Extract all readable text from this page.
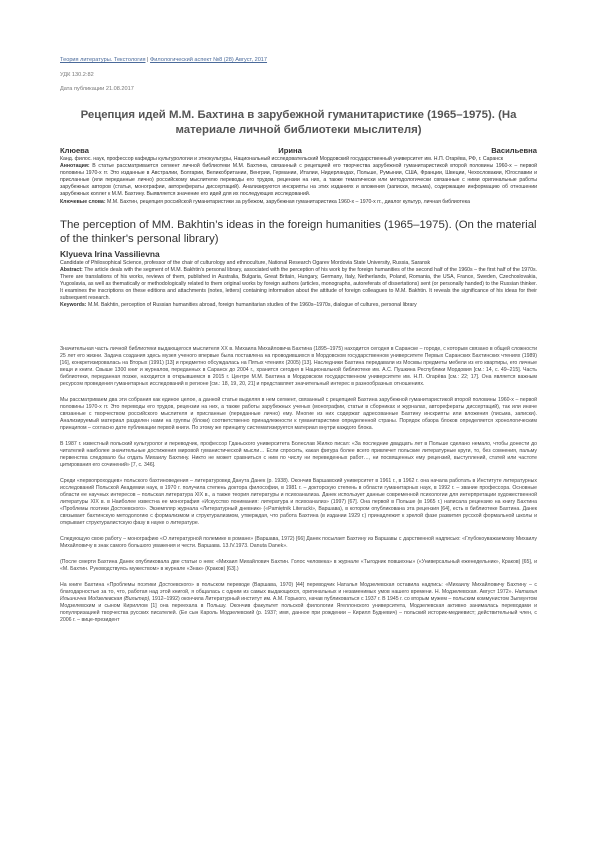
Теория литературы. Текстология | Филологический аспект №8 (28) Август, 2017
УДК 130.2:82
Дата публикации 21.08.2017
Рецепция идей М.М. Бахтина в зарубежной гуманитаристике (1965–1975). (На материале личной библиотеки мыслителя)
Клюева	Ирина	Васильевна
Канд. филос. наук, профессор кафедры культурологии и этнокультуры, Национальный исследовательский Мордовский государственный университет им. Н.П. Огарёва, РФ, г. Саранск
Аннотация: В статье рассматривается сегмент личной библиотеки М.М. Бахтина, связанный с рецепцией его творчества зарубежной гуманитаристикой второй половины 1960-х – первой половины 1970-х гг. Это изданные в Австралии, Болгарии, Великобритании, Венгрии, Германии, Италии, Нидерландах, Польше, Румынии, США, Франции, Швеции, Чехословакии, Югославии и присланные (или переданные лично) российскому мыслителю переводы его трудов, рецензии на них, а также тематически или методологически связанные с ними оригинальные работы зарубежных авторов (статьи, монографии, авторефераты диссертаций). Анализируются инскрипты на этих изданиях и вложения (записки, письма), содержащие информацию об отношении зарубежных коллег к М.М. Бахтину. Выявляется значение его идей для их последующих исследований.
Ключевые слова: М.М. Бахтин, рецепция российской гуманитаристики за рубежом, зарубежная гуманитаристика 1960-х – 1970-х гг., диалог культур, личная библиотека
The perception of MM. Bakhtin’s ideas in the foreign humanities (1965–1975). (On the material of the thinker's personal library)
Klyueva Irina Vassilievna
Candidate of Philosophical Science, professor of the chair of culturology and ethnoculture, National Research Ogarev Mordovia State University, Russia, Saransk
Abstract: The article deals with the segment of M.M. Bakhtin's personal library, associated with the perception of his work by the foreign humanities of the second half of the 1960s – the first half of the 1970s. There are translations of his works, reviews of them, published in Australia, Bulgaria, Great Britain, Hungary, Germany, Italy, Netherlands, Poland, Romania, the USA, France, Sweden, Czechoslovakia, Yugoslavia, as well as thematically or methodologically related to them original works by foreign authors (articles, monographs, autoreferats of dissertations) sent (or personally handed) to the Russian thinker. It examines the inscriptions on these editions and attachments (notes, letters) containing information about the attitude of foreign colleagues to M.M. Bakhtin. It reveals the significance of his ideas for their subsequent research.
Keywords: M.M. Bakhtin, perception of Russian humanities abroad, foreign humanitarian studies of the 1960s–1970s, dialogue of cultures, personal library

Значительная часть личной библиотеки выдающегося мыслителя ХХ в. Михаила Михайловича Бахтина (1895–1975) находится сегодня в Саранске – городе, с которым связано в общей сложности 25 лет его жизни. Задача создания здесь музея ученого впервые была поставлена на проводившихся в Мордовском государственном университете Первых Саранских Бахтинских чтениях (1989) [16], конкретизировалась на Вторых (1991) [13] и предметно обсуждалась на Пятых чтениях (2005) [13]. Наследники Бахтина передавали из Москвы предметы мебели из его квартиры, его личные вещи и книги. Свыше 1300 книг и журналов, переданных в Саранск до 2004 г., хранится сегодня в Национальной библиотеке им. А.С. Пушкина Республики Мордовия [см.: 14, с. 49–215]. Часть библиотеки, переданная позже, находится в открывшемся в 2015 г. Центре М.М. Бахтина в Мордовском государственном университете им. Н.П. Огарёва [см.: 22; 17]. Она является важным ресурсом проведения гуманитарных исследований в регионе [см.: 18, 19, 20, 21] и представляет значительный интерес в разнообразных отношениях.

Мы рассматриваем два эти собрания как единое целое, а данной статье выделяя в нем сегмент, связанный с рецепцией Бахтина зарубежной гуманитаристикой второй половины 1960-х – первой половины 1970-х гг. Это переводы его трудов, рецензии на них, а также работы зарубежных ученых (монографии, статьи в сборниках и журналах, авторефераты диссертаций), так или иначе связанные с творчеством российского мыслителя и присланные (переданные лично) ему. Многие из них содержат адресованные Бахтину инскрипты или вложения (письма, записки). Анализируемый материал разделен нами на группы (блоки) соответственно принадлежности к гуманитаристике определенной страны. Порядок обзора блоков определяется хронологическим принципом – согласно дате публикации первой книги. По этому же принципу систематизируется материал внутри каждого блока.

В 1987 г. известный польский культуролог и переводчик, профессор Гданьского университета Болеслав Жилко писал: «За последние двадцать лет в Польше сделано немало, чтобы донести до читателей наиболее значительные достижения мировой гуманистической мысли… Если спросить, какая фигура более всего привлечет польские литературные круги, то, без сомнения, пальму первенства следовало бы отдать Михаилу Бахтину. Никто не может сравниться с ним по числу ни переведенных работ…, ни посвященных ему рецензий, выступлений, статей или частоте цитирования его сочинений» [7, с. 346].

Среди «первопроходцев» польского бахтиноведения – литературовед Данута Данек (р. 1938). Окончив Варшавский университет в 1961 г., в 1962 г. она начала работать в Институте литературных исследований Польской Академии наук, в 1970 г. получила степень доктора философии, в 1981 г. – докторскую степень в области гуманитарных наук, в 1992 г. – звание профессора. Основные области ее научных интересов – польская литература ХIX в., а также теория литературы и психоанализа. Данек использует данные современной психологии для интерпретации художественной литературы XIX в. в Наиболее известна ее монография «Искусство понимания: литература и психоанализ» (1997) [67]. Она первой в Польше (в 1965 г.) написала рецензию на книгу Бахтина «Проблемы поэтики Достоевского». Экземпляр журнала «Литературный дневник» («Pamiętnik Literacki», Варшава), в котором опубликована эта рецензия [64], есть в библиотеке Бахтина. Данек связывает бахтинскую методологию с формализмом и структурализмом, утверждая, что работа Бахтина (в издании 1929 г.) принадлежит к зрелой фазе развития русской формальной школы и открывает структуралистскую фазу в науке о литературе.

Следующую свою работу – монографию «О литературной полемике в романе» (Варшава, 1972) [66] Данек посылает Бахтину из Варшавы с дарственной надписью: «Глубокоуважаемому Михаилу Михайловичу в знак самого большого уважения и чести. Варшава. 13.IV.1973. Danuta Danek».

(После смерти Бахтина Данек опубликовала две статьи о нем: «Михаил Михайлович Бахтин. Голос человека» в журнале «Тыгодник повшехны» («Универсальный еженедельник», Краков) [65], и «М. Бахтин. Руководствуясь мужеством» в журнале «Знак» (Краков) [63].)

На книге Бахтина «Проблемы поэтики Достоевского» в польском переводе (Варшава, 1970) [44] переводчик Наталья Модзелевская оставила надпись: «Михаилу Михайловичу Бахтину – с благодарностью за то, что, работая над этой книгой, я общалась с одним из самых выдающихся, оригинальных и незаменимых умов нашего времени. Н. Модзелевская. Август 1972». Наталья Ильинична Модзелевская (Вильтер), 1912–1992) окончила Литературный институт им. А.М. Горького, начав публиковаться с 1937 г. В 1945 г. со вторым мужем – польским коммунистом Зыгмунтом Модзелевским и сыном Кириллом [1] она переехала в Польшу. Окончив факультет польской филологии Ягеллонского университета, Модзелевская активно занималась переводами и популяризацией творчества русских писателей. (Ее сын Кароль Модзелевский (р. 1937; имя, данное при рождении – Кирилл Будневич) – польский историк-медиевист; действительный член, с 2006 г. – вице-президент
